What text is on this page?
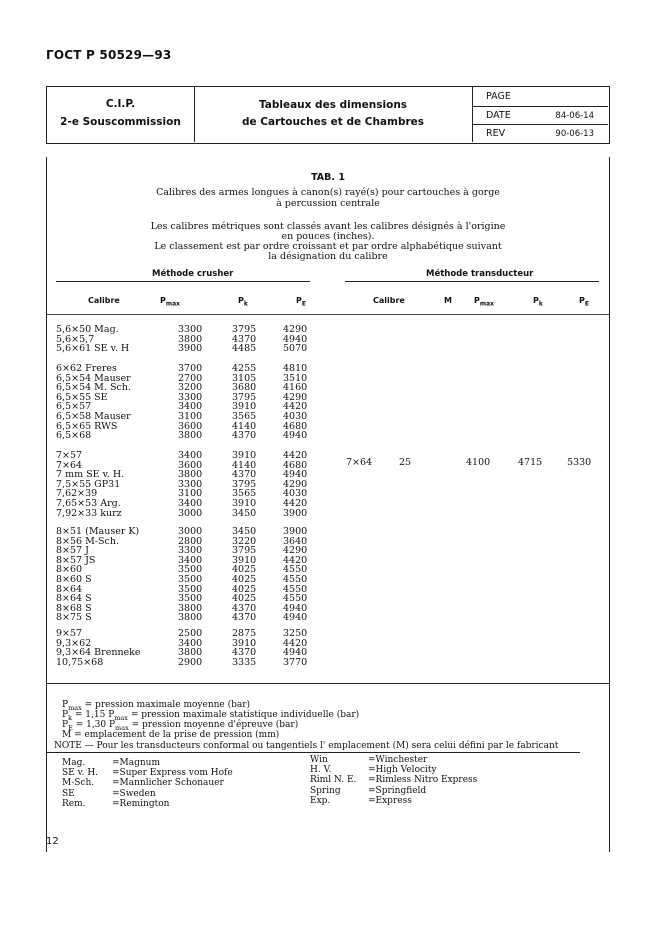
ГОСТ Р 50529—93
C.I.P.
2-e Souscommission
Tableaux des dimensions
de Cartouches et de Chambres
PAGE
DATE	84-06-14
REV	90-06-13
TAB. 1
Calibres des armes longues à canon(s) rayé(s) pour cartouches à gorge
à percussion centrale
Les calibres métriques sont classés avant les calibres désignés à l'origine
en pouces (inches).
Le classement est par ordre croissant et par ordre alphabétique suivant
la désignation du calibre
Méthode crusher	Méthode transducteur
Calibre	$P_{max}$	$P_k$	$P_E$	Calibre	M	$P_{max}$	$P_k$	$P_E$
5,6×50 Mag.	3300	3795	4290
5,6×5,7	3800	4370	4940
5,6×61 SE v. H	3900	4485	5070
6×62 Freres	3700	4255	4810
6,5×54 Mauser	2700	3105	3510
6,5×54 M. Sch.	3200	3680	4160
6,5×55 SE	3300	3795	4290
6,5×57	3400	3910	4420
6,5×58 Mauser	3100	3565	4030
6,5×65 RWS	3600	4140	4680
6,5×68	3800	4370	4940
7×57	3400	3910	4420
7×64	3600	4140	4680
7 mm SE v. H.	3800	4370	4940
7,5×55 GP31	3300	3795	4290
7,62×39	3100	3565	4030
7,65×53 Arg.	3400	3910	4420
7,92×33 kurz	3000	3450	3900
8×51 (Mauser K)	3000	3450	3900
8×56 M-Sch.	2800	3220	3640
8×57 J	3300	3795	4290
8×57 JS	3400	3910	4420
8×60	3500	4025	4550
8×60 S	3500	4025	4550
8×64	3500	4025	4550
8×64 S	3500	4025	4550
8×68 S	3800	4370	4940
8×75 S	3800	4370	4940
9×57	2500	2875	3250
9,3×62	3400	3910	4420
9,3×64 Brenneke	3800	4370	4940
10,75×68	2900	3335	3770
7×64	25	4100	4715	5330
$P_{max}$ = pression maximale moyenne (bar)
$P_k = 1,15$ $P_{max}$ = pression maximale statistique individuelle (bar)
$P_E = 1,30$ $P_{max}$ = pression moyenne d'épreuve (bar)
M = emplacement de la prise de pression (mm)
NOTE — Pour les transducteurs conformal ou tangentiels l' emplacement (M) sera celui défini par le fabricant
Mag.	=Magnum
SE v. H. =Super Express vom Hofe
M-Sch. =Mannlicher Schonauer
SE	=Sweden
Rem.	=Remington
Win	=Winchester
H. V.	=High Velocity
Riml N. E. =Rimless Nitro Express
Spring	=Springfield
Exp.	=Express
12
